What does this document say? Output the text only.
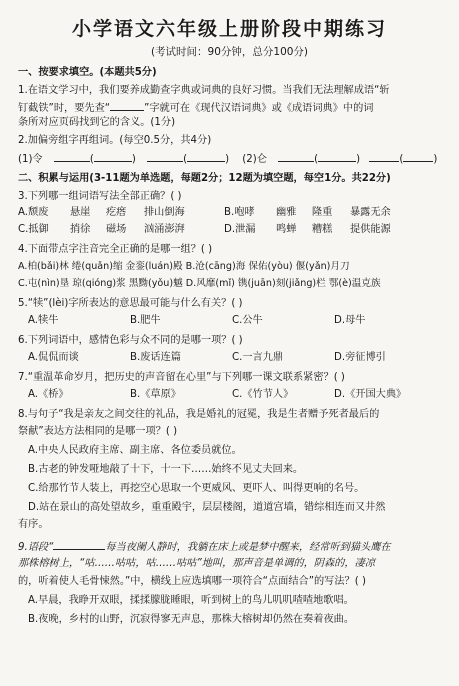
小学语文六年级上册阶段中期练习
(考试时间：90分钟，总分100分)
一、按要求填空。(本题共5分)
1.在语文学习中，我们要养成勤查字典或词典的良好习惯。当我们无法理解成语“斩
钉截铁”时，要先查“	”字就可在《现代汉语词典》或《成语词典》中的词
条所对应页码找到它的含义。(1分)
2.加偏旁组字再组词。(每空0.5分，共4分)
(1)令	(	)	(	) (2)仑	(	)	(	)
二、积累与运用(3-11题为单选题，每题2分；12题为填空题，每空1分。共22分)
3.下列哪一组词语写法全部正确？( )
A.颓废 悬崖 疙瘩 排山倒海	B.咆哮 幽雅 隆重 暴露无余
C.抵御 捎徐 磁场 汹涌澎湃	D.泄漏 鸣蝉 糟糕 提供能源
4.下面带点字注音完全正确的是哪一组？( )
A.柏(bǎi)林 绻(quǎn)缩 金銮(luán)殿 B.沧(cāng)海 保佑(yòu) 偃(yǎn)月刀
C.屯(nìn)垦 琼(qióng)浆 黑黝(yǒu)魆 D.风靡(mǐ) 镌(juān)刻(jiǎng)栏 鄂(è)温克族
5.“犊”(lèi)字所表达的意思最可能与什么有关？( )
A.犊牛	B.肥牛	C.公牛	D.母牛
6.下列词语中，感情色彩与众不同的是哪一项？( )
A.侃侃而谈	B.废话连篇	C.一言九鼎	D.旁征博引
7.“重温革命岁月，把历史的声音留在心里”与下列哪一课文联系紧密？( )
A.《桥》	B.《草原》	C.《竹节人》	D.《开国大典》
8.与句子“我是亲友之间交往的礼品，我是婚礼的冠冕，我是生者赠予死者最后的
祭献”表达方法相同的是哪一项？( )
A.中央人民政府主席、副主席、各位委员就位。
B.古老的钟发哑地敲了十下，十一下……始终不见丈夫回来。
C.给那竹节人装上，再挖空心思取一个更威风、更吓人、叫得更响的名号。
D.站在景山的高处望故乡，重重殿宇，层层楼阁，道道宫墙，错综相连而又井然
有序。
9.语段“	每当夜阑人静时，我躺在床上或是梦中醒来，经常听到猫头鹰在
那株榕树上，“咕……咕咕，咕……咕咕”地叫，那声音是单调的，阴森的，凄凉
的，听着使人毛骨悚然。”中，横线上应选填哪一项符合“点面结合”的写法？( )
A.早晨，我睁开双眼，揉揉朦胧睡眼，听到树上的鸟儿叽叽喳喳地歌唱。
B.夜晚，乡村的山野，沉寂得寥无声息，那株大榕树却仍然在奏着夜曲。
